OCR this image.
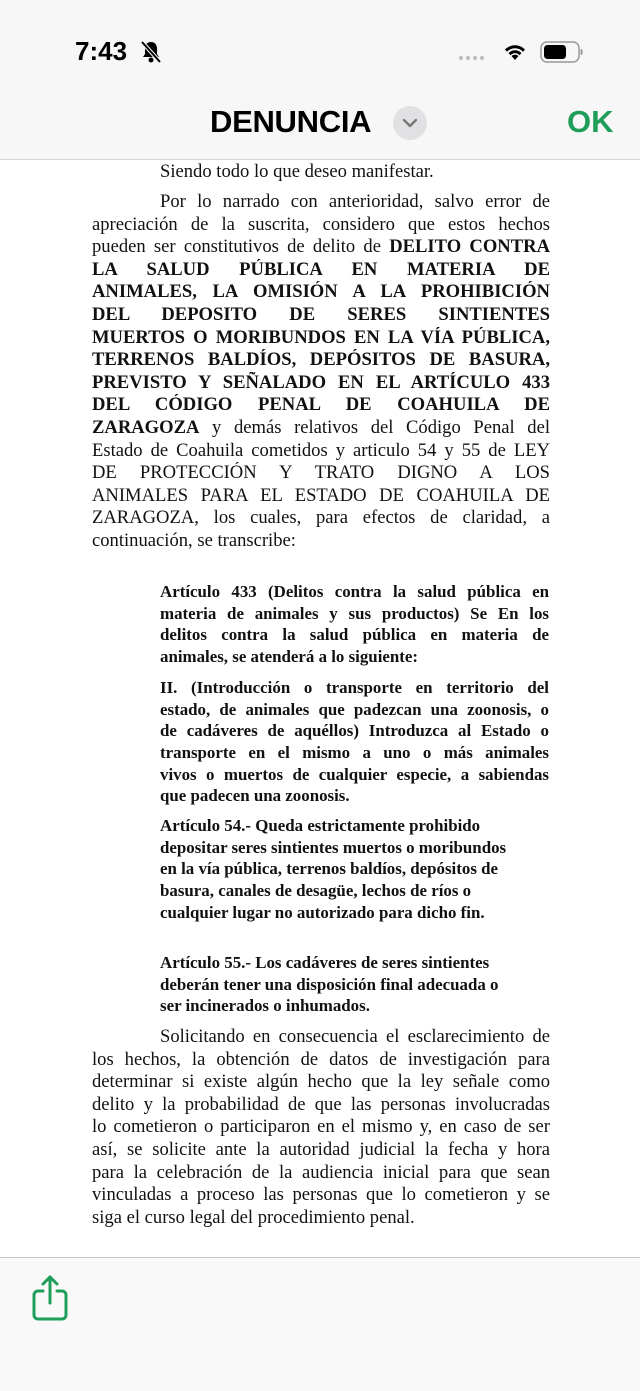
7:43
DENUNCIA	OK
Siendo todo lo que deseo manifestar.
Por lo narrado con anterioridad, salvo error de
apreciación de la suscrita, considero que estos hechos
pueden ser constitutivos de delito de DELITO CONTRA
LA SALUD PÚBLICA EN MATERIA DE
ANIMALES, LA OMISIÓN A LA PROHIBICIÓN
DEL DEPOSITO DE SERES SINTIENTES
MUERTOS O MORIBUNDOS EN LA VÍA PÚBLICA,
TERRENOS BALDÍOS, DEPÓSITOS DE BASURA,
PREVISTO Y SEÑALADO EN EL ARTÍCULO 433
DEL CÓDIGO PENAL DE COAHUILA DE
ZARAGOZA y demás relativos del Código Penal del
Estado de Coahuila cometidos y articulo 54 y 55 de LEY
DE PROTECCIÓN Y TRATO DIGNO A LOS
ANIMALES PARA EL ESTADO DE COAHUILA DE
ZARAGOZA, los cuales, para efectos de claridad, a
continuación, se transcribe:
Artículo 433 (Delitos contra la salud pública en
materia de animales y sus productos) Se En los
delitos contra la salud pública en materia de
animales, se atenderá a lo siguiente:
II. (Introducción o transporte en territorio del
estado, de animales que padezcan una zoonosis, o
de cadáveres de aquéllos) Introduzca al Estado o
transporte en el mismo a uno o más animales
vivos o muertos de cualquier especie, a sabiendas
que padecen una zoonosis.
Artículo 54.- Queda estrictamente prohibido
depositar seres sintientes muertos o moribundos
en la vía pública, terrenos baldíos, depósitos de
basura, canales de desagüe, lechos de ríos o
cualquier lugar no autorizado para dicho fin.
Artículo 55.- Los cadáveres de seres sintientes
deberán tener una disposición final adecuada o
ser incinerados o inhumados.
Solicitando en consecuencia el esclarecimiento de
los hechos, la obtención de datos de investigación para
determinar si existe algún hecho que la ley señale como
delito y la probabilidad de que las personas involucradas
lo cometieron o participaron en el mismo y, en caso de ser
así, se solicite ante la autoridad judicial la fecha y hora
para la celebración de la audiencia inicial para que sean
vinculadas a proceso las personas que lo cometieron y se
siga el curso legal del procedimiento penal.
